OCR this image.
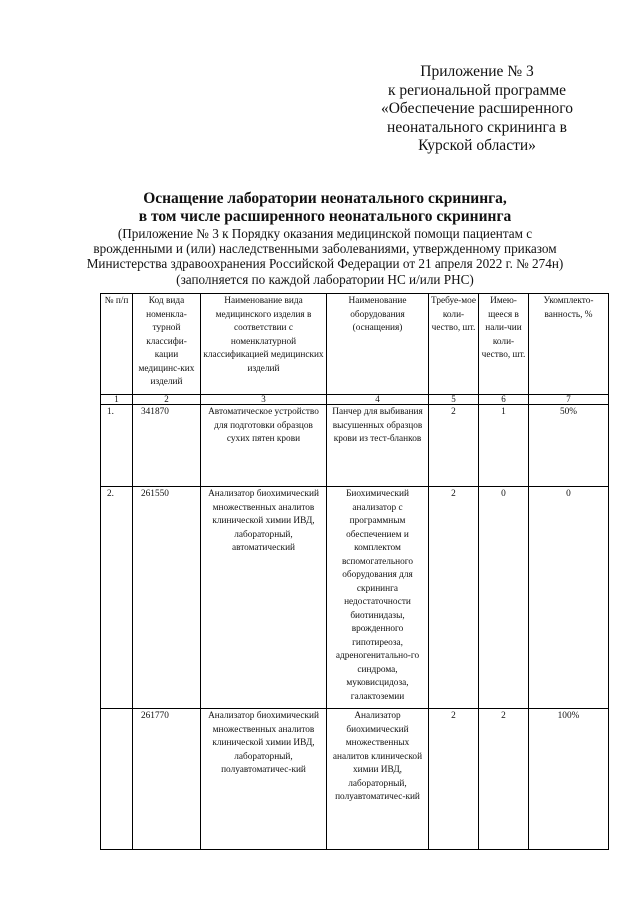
Приложение № 3
к региональной программе
«Обеспечение расширенного
неонатального скрининга в
Курской области»
Оснащение лаборатории неонатального скрининга,
в том числе расширенного неонатального скрининга
(Приложение № 3 к Порядку оказания медицинской помощи пациентам с
врожденными и (или) наследственными заболеваниями, утвержденному приказом
Министерства здравоохранения Российской Федерации от 21 апреля 2022 г. № 274н)
(заполняется по каждой лаборатории НС и/или РНС)
№ п/п	Код вида номенкла-турной классифи-кации медицинс-ких изделий	Наименование вида медицинского изделия в соответствии с номенклатурной классификацией медицинских изделий	Наименование оборудования (оснащения)	Требуе-мое коли-чество, шт.	Имею-щееся в нали-чии коли-чество, шт.	Укомплекто-ванность, %
1	2	3	4	5	6	7
1.	341870	Автоматическое устройство для подготовки образцов сухих пятен крови	Панчер для выбивания высушенных образцов крови из тест-бланков	2	1	50%
2.	261550	Анализатор биохимический множественных аналитов клинической химии ИВД, лабораторный, автоматический	Биохимический анализатор с программным обеспечением и комплектом вспомогательного оборудования для скрининга недостаточности биотинидазы, врожденного гипотиреоза, адреногенитально-го синдрома, муковисцидоза, галактоземии	2	0	0
	261770	Анализатор биохимический множественных аналитов клинической химии ИВД, лабораторный, полуавтоматичес-кий	Анализатор биохимический множественных аналитов клинической химии ИВД, лабораторный, полуавтоматичес-кий	2	2	100%
